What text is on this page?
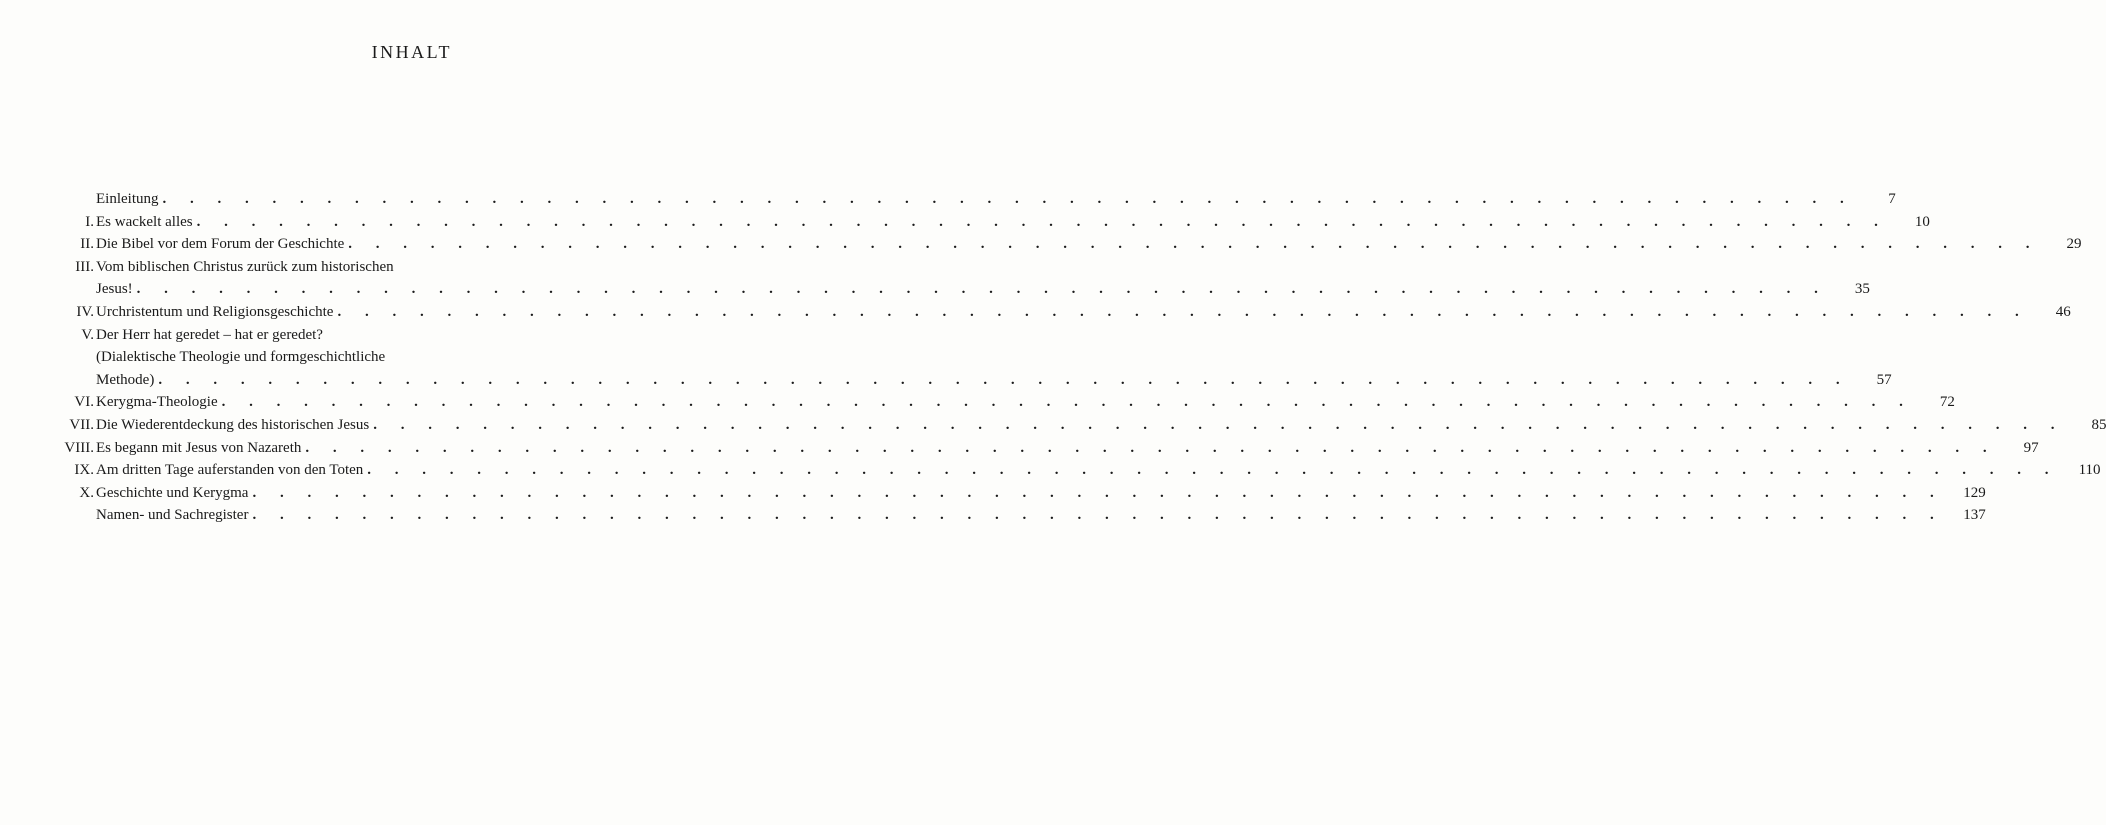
INHALT
Einleitung . . .	7
I. Es wackelt alles . . .	10
II. Die Bibel vor dem Forum der Geschichte . . .	29
III. Vom biblischen Christus zurück zum historischen
Jesus! . . .	35
IV. Urchristentum und Religionsgeschichte . . .	46
V. Der Herr hat geredet – hat er geredet?
(Dialektische Theologie und formgeschichtliche
Methode) . . .	57
VI. Kerygma-Theologie . . .	72
VII. Die Wiederentdeckung des historischen Jesus . . .	85
VIII. Es begann mit Jesus von Nazareth . . .	97
IX. Am dritten Tage auferstanden von den Toten . . .	110
X. Geschichte und Kerygma . . .	129
Namen- und Sachregister . . .	137
